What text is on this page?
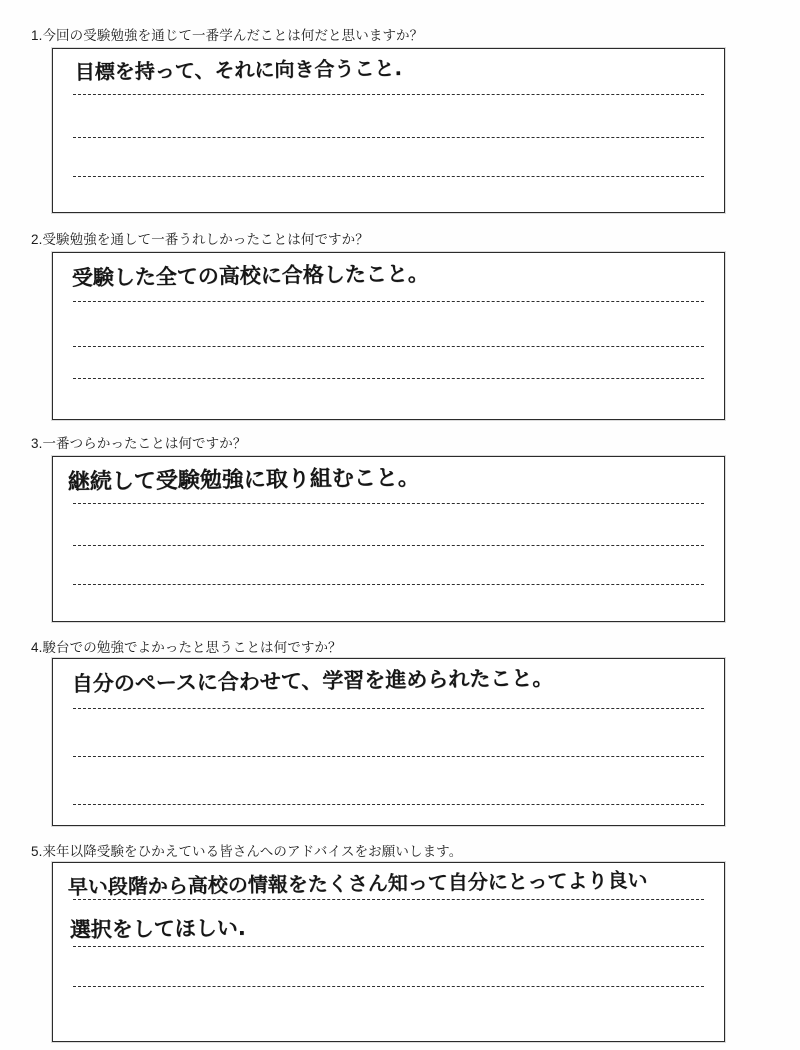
1.今回の受験勉強を通じて一番学んだことは何だと思いますか？
目標を持って、それに向き合うこと.
2.受験勉強を通して一番うれしかったことは何ですか？
受験した全ての高校に合格したこと。
3.一番つらかったことは何ですか？
継続して受験勉強に取り組むこと。
4.駿台での勉強でよかったと思うことは何ですか？
自分のペースに合わせて、学習を進められたこと。
5.来年以降受験をひかえている皆さんへのアドバイスをお願いします。
早い段階から高校の情報をたくさん知って自分にとってより良い
選択をしてほしい.
